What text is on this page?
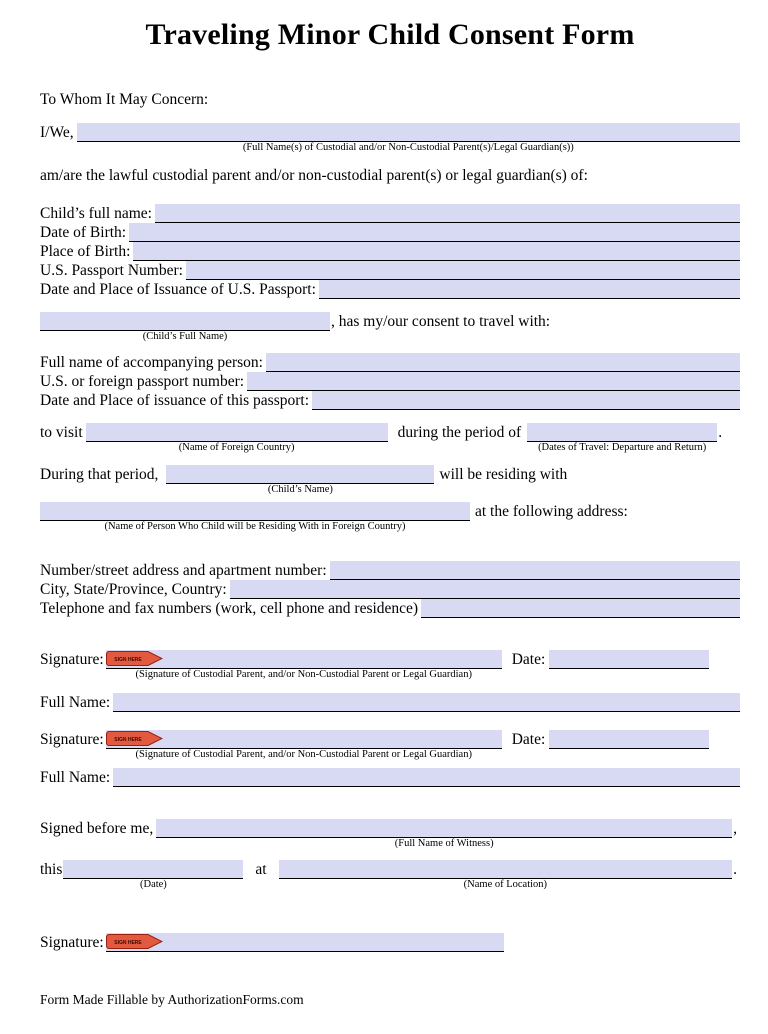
Traveling Minor Child Consent Form
To Whom It May Concern:
I/We,
(Full Name(s) of Custodial and/or Non-Custodial Parent(s)/Legal Guardian(s))
am/are the lawful custodial parent and/or non-custodial parent(s) or legal guardian(s) of:
Child’s full name:
Date of Birth:
Place of Birth:
U.S. Passport Number:
Date and Place of Issuance of U.S. Passport:
(Child’s Full Name)
, has my/our consent to travel with:
Full name of accompanying person:
U.S. or foreign passport number:
Date and Place of issuance of this passport:
to visit
(Name of Foreign Country)
during the period of
(Dates of Travel: Departure and Return)
.
During that period,
(Child’s Name)
will be residing with
(Name of Person Who Child will be Residing With in Foreign Country)
at the following address:
Number/street address and apartment number:
City, State/Province, Country:
Telephone and fax numbers (work, cell phone and residence)
Signature: SIGN HERE
(Signature of Custodial Parent, and/or Non-Custodial Parent or Legal Guardian)
Date:
Full Name:
Signature: SIGN HERE
(Signature of Custodial Parent, and/or Non-Custodial Parent or Legal Guardian)
Date:
Full Name:
Signed before me,
(Full Name of Witness)
,
this
(Date)
at
(Name of Location)
.
Signature: SIGN HERE
Form Made Fillable by AuthorizationForms.com
